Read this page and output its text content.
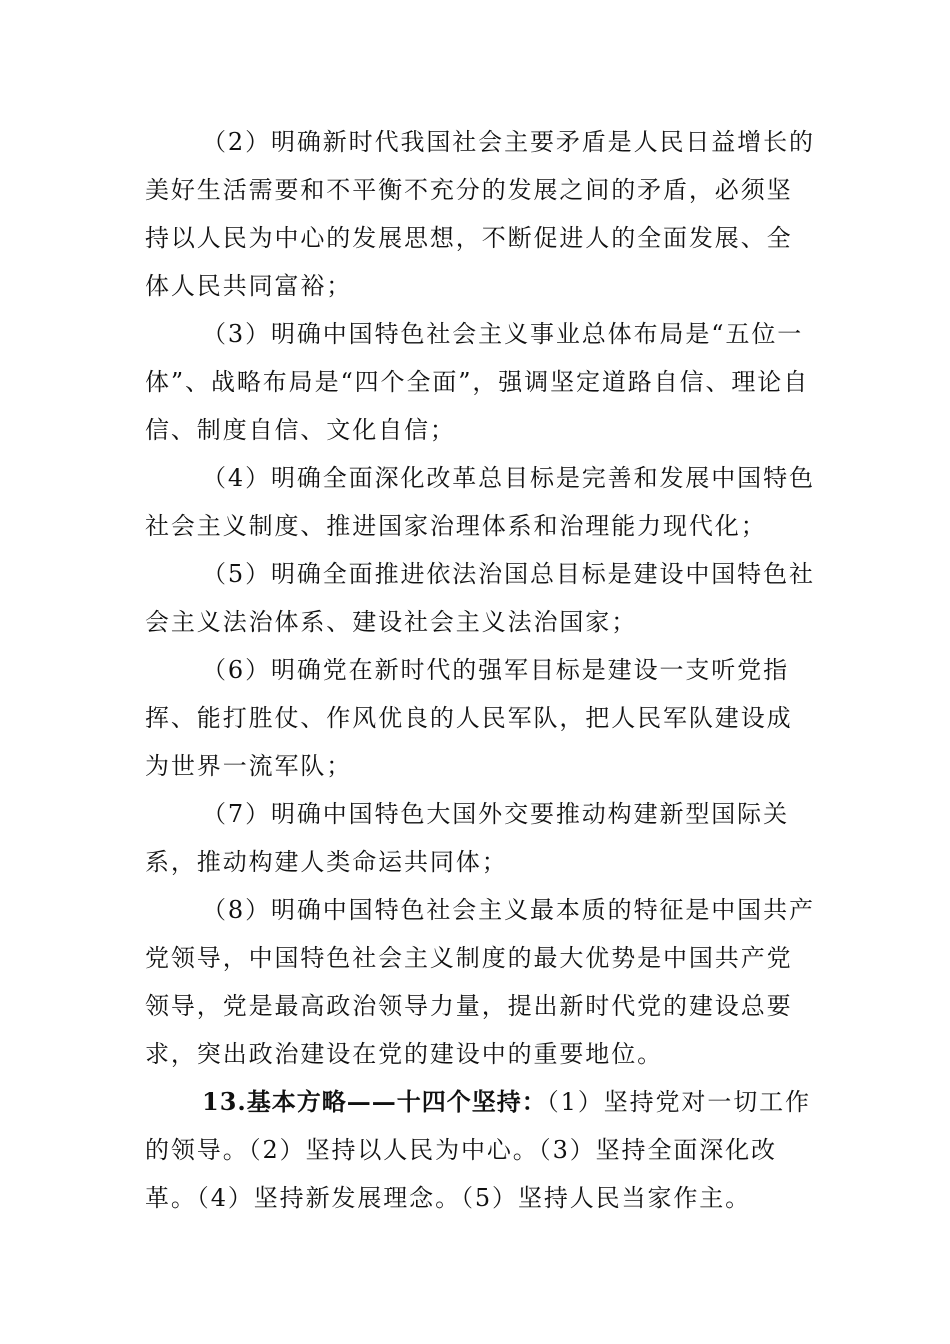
（2）明确新时代我国社会主要矛盾是人民日益增长的美好生活需要和不平衡不充分的发展之间的矛盾，必须坚持以人民为中心的发展思想，不断促进人的全面发展、全体人民共同富裕；

（3）明确中国特色社会主义事业总体布局是“五位一体”、战略布局是“四个全面”，强调坚定道路自信、理论自信、制度自信、文化自信；

（4）明确全面深化改革总目标是完善和发展中国特色社会主义制度、推进国家治理体系和治理能力现代化；

（5）明确全面推进依法治国总目标是建设中国特色社会主义法治体系、建设社会主义法治国家；

（6）明确党在新时代的强军目标是建设一支听党指挥、能打胜仗、作风优良的人民军队，把人民军队建设成为世界一流军队；

（7）明确中国特色大国外交要推动构建新型国际关系，推动构建人类命运共同体；

（8）明确中国特色社会主义最本质的特征是中国共产党领导，中国特色社会主义制度的最大优势是中国共产党领导，党是最高政治领导力量，提出新时代党的建设总要求，突出政治建设在党的建设中的重要地位。

13.基本方略——十四个坚持：（1）坚持党对一切工作的领导。（2）坚持以人民为中心。（3）坚持全面深化改革。（4）坚持新发展理念。（5）坚持人民当家作主。
